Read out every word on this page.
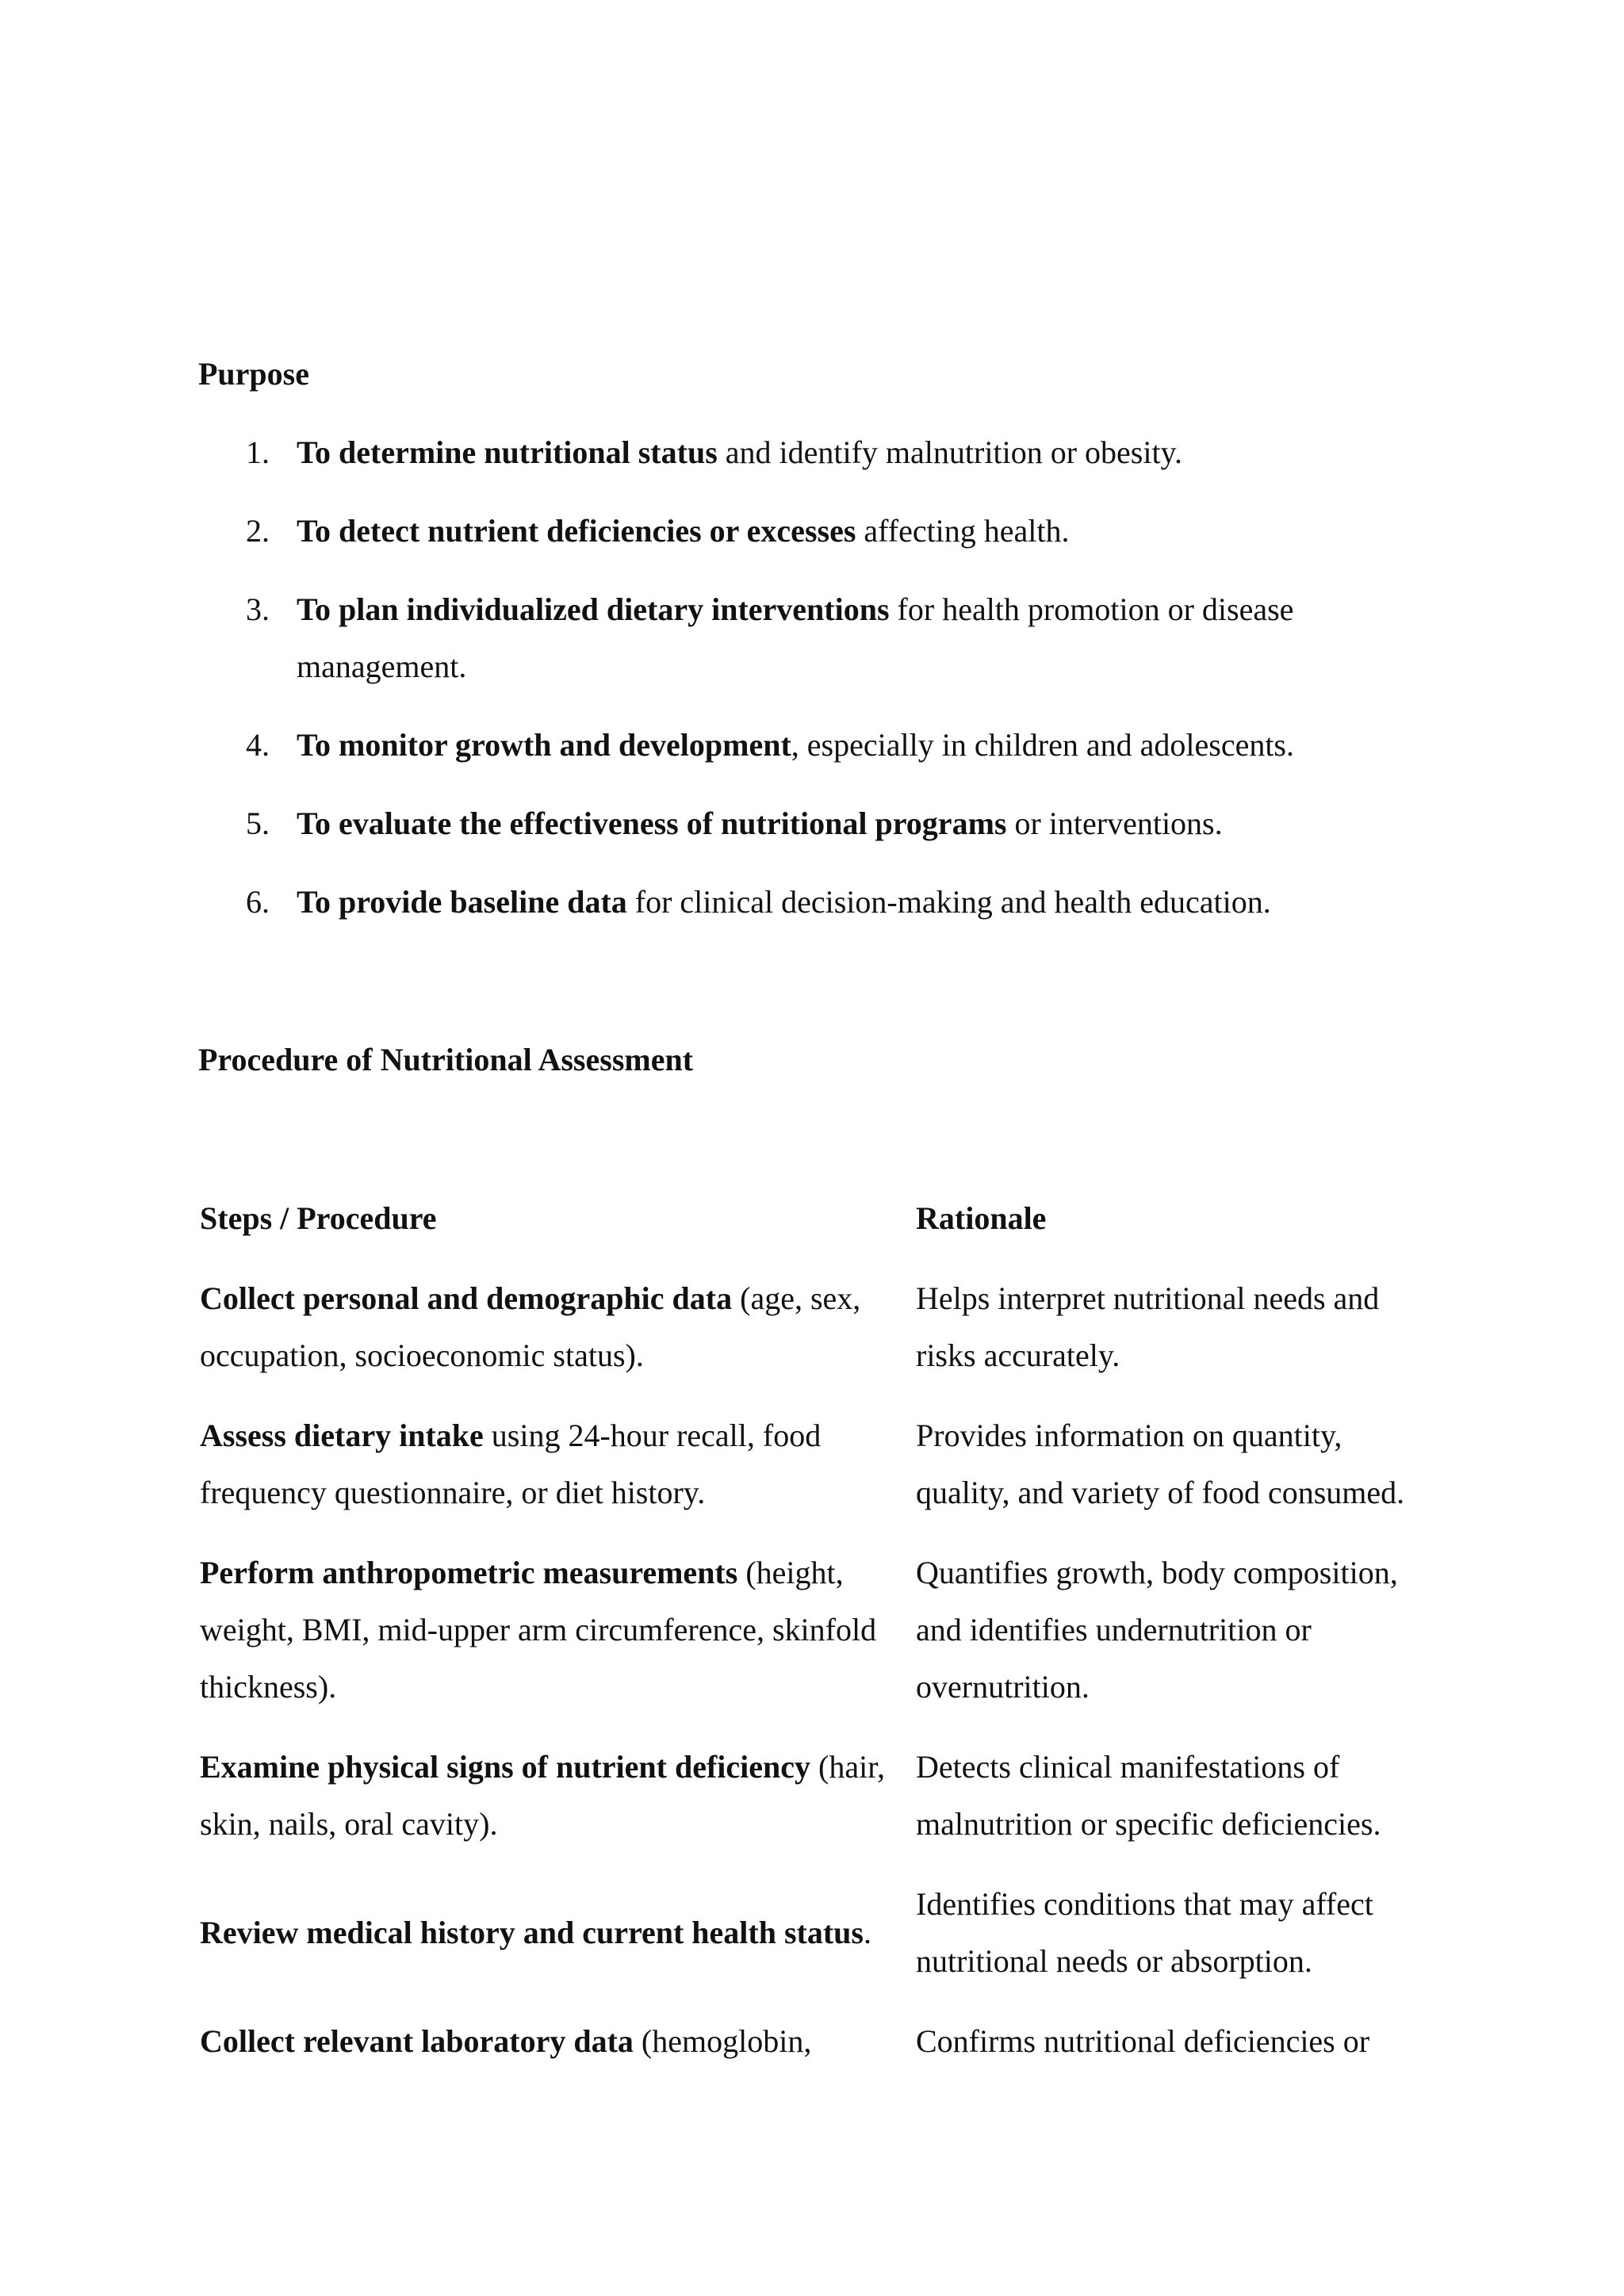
Purpose
1. To determine nutritional status and identify malnutrition or obesity.
2. To detect nutrient deficiencies or excesses affecting health.
3. To plan individualized dietary interventions for health promotion or disease management.
4. To monitor growth and development, especially in children and adolescents.
5. To evaluate the effectiveness of nutritional programs or interventions.
6. To provide baseline data for clinical decision-making and health education.
Procedure of Nutritional Assessment
Steps / Procedure	Rationale
Collect personal and demographic data (age, sex, occupation, socioeconomic status).	Helps interpret nutritional needs and risks accurately.
Assess dietary intake using 24-hour recall, food frequency questionnaire, or diet history.	Provides information on quantity, quality, and variety of food consumed.
Perform anthropometric measurements (height, weight, BMI, mid-upper arm circumference, skinfold thickness).	Quantifies growth, body composition, and identifies undernutrition or overnutrition.
Examine physical signs of nutrient deficiency (hair, skin, nails, oral cavity).	Detects clinical manifestations of malnutrition or specific deficiencies.
Review medical history and current health status.	Identifies conditions that may affect nutritional needs or absorption.
Collect relevant laboratory data (hemoglobin,	Confirms nutritional deficiencies or
